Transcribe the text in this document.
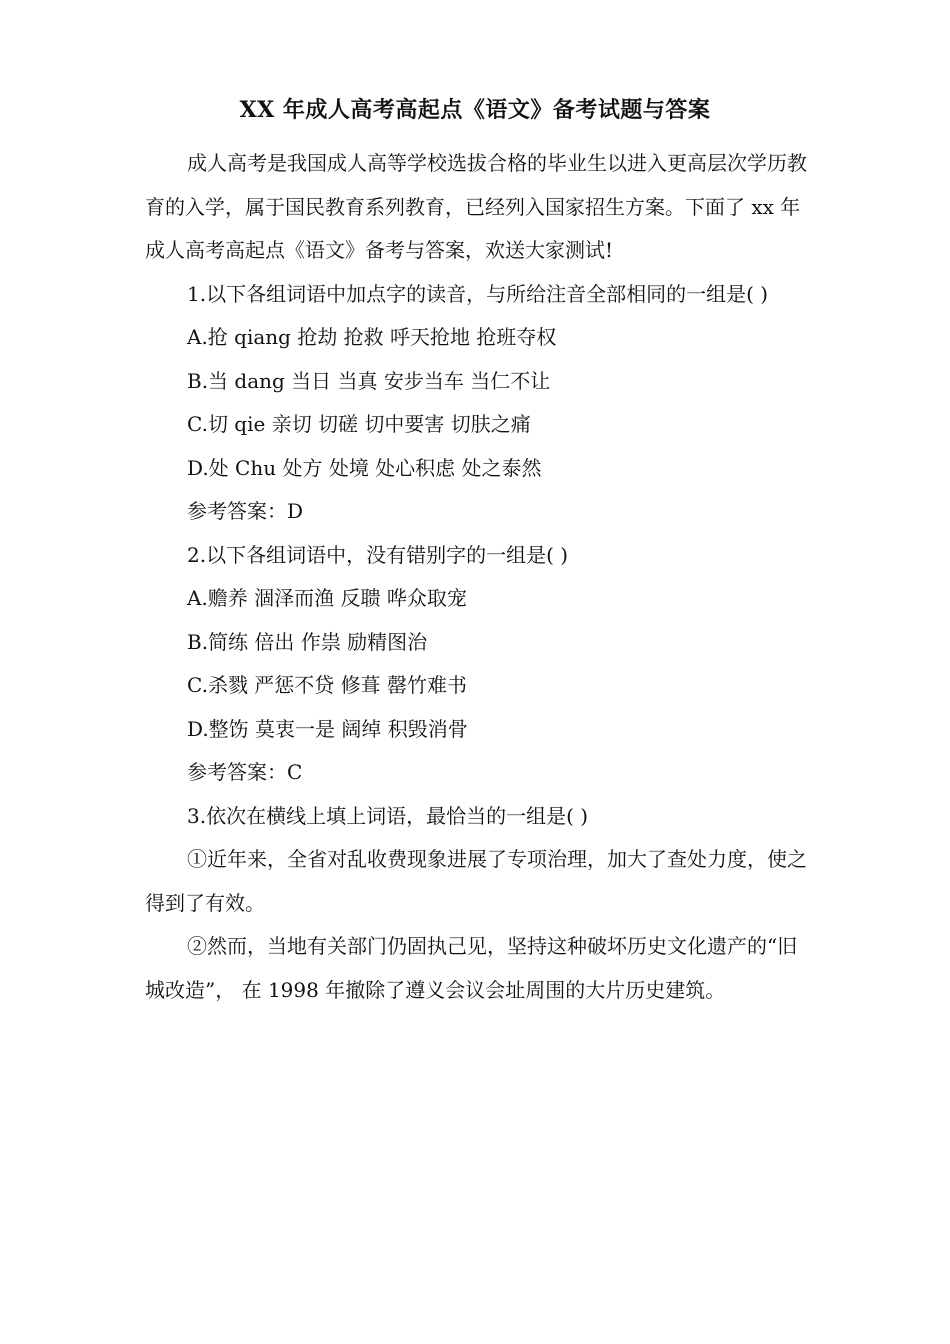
XX 年成人高考高起点《语文》备考试题与答案

成人高考是我国成人高等学校选拔合格的毕业生以进入更高层次学历教育的入学，属于国民教育系列教育，已经列入国家招生方案。下面了 xx 年成人高考高起点《语文》备考与答案，欢送大家测试!

1.以下各组词语中加点字的读音，与所给注音全部相同的一组是( )

A.抢 qiang 抢劫 抢救 呼天抢地 抢班夺权

B.当 dang 当日 当真 安步当车 当仁不让

C.切 qie 亲切 切磋 切中要害 切肤之痛

D.处 Chu 处方 处境 处心积虑 处之泰然

参考答案：D

2.以下各组词语中，没有错别字的一组是( )

A.赡养 涸泽而渔 反聩 哗众取宠

B.简练 倍出 作祟 励精图治

C.杀戮 严惩不贷 修葺 罄竹难书

D.整饬 莫衷一是 阔绰 积毁消骨

参考答案：C

3.依次在横线上填上词语，最恰当的一组是( )

①近年来，全省对乱收费现象进展了专项治理，加大了查处力度，使之得到了有效。

②然而，当地有关部门仍固执己见，坚持这种破坏历史文化遗产的“旧城改造”， 在 1998 年撤除了遵义会议会址周围的大片历史建筑。
